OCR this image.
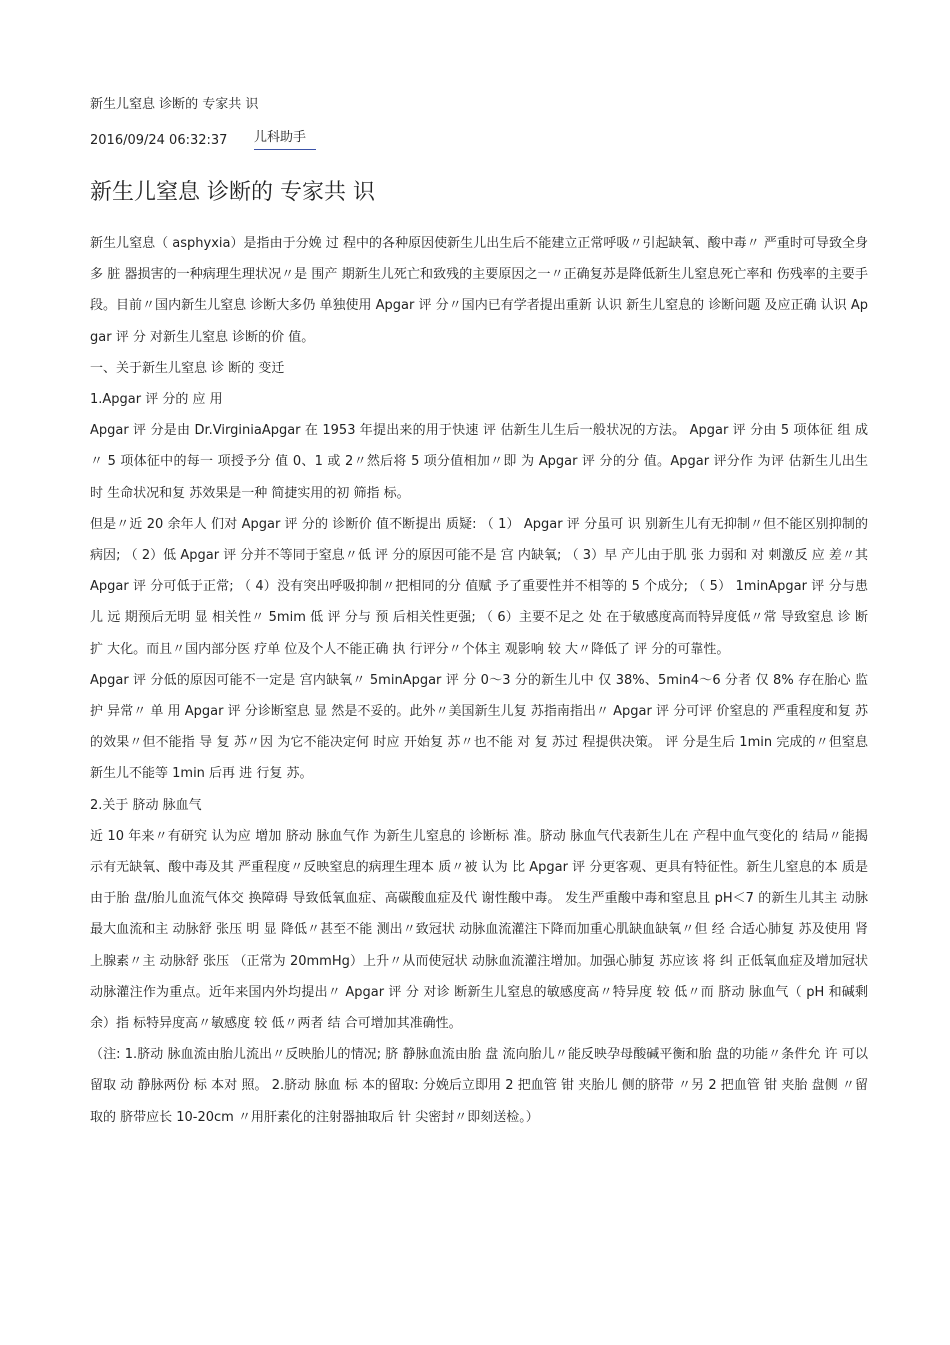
新生儿窒息 诊断的 专家共 识
2016/09/24 06:32:37	儿科助手
新生儿窒息 诊断的 专家共 识

新生儿窒息（ asphyxia）是指由于分娩 过 程中的各种原因使新生儿出生后不能建立正常呼吸〃引起缺氧、酸中毒〃 严重时可导致全身多 脏 器损害的一种病理生理状况〃是 围产 期新生儿死亡和致残的主要原因之一〃正确复苏是降低新生儿窒息死亡率和 伤残率的主要手段。目前〃国内新生儿窒息 诊断大多仍 单独使用 Apgar 评 分〃国内已有学者提出重新 认识 新生儿窒息的 诊断问题 及应正确 认识 Apgar 评 分 对新生儿窒息 诊断的价 值。

一、关于新生儿窒息 诊 断的 变迁

1.Apgar 评 分的 应 用

Apgar 评 分是由 Dr.VirginiaApgar 在 1953 年提出来的用于快速 评 估新生儿生后一般状况的方法。 Apgar 评 分由 5 项体征 组 成〃 5 项体征中的每一 项授予分 值 0、1 或 2〃然后将 5 项分值相加〃即 为 Apgar 评 分的分 值。Apgar 评分作 为评 估新生儿出生 时 生命状况和复 苏效果是一种 简捷实用的初 筛指 标。

但是〃近 20 余年人 们对 Apgar 评 分的 诊断价 值不断提出 质疑: （ 1） Apgar 评 分虽可 识 别新生儿有无抑制〃但不能区别抑制的病因; （ 2）低 Apgar 评 分并不等同于窒息〃低 评 分的原因可能不是 宫 内缺氧; （ 3）早 产儿由于肌 张 力弱和 对 刺激反 应 差〃其 Apgar 评 分可低于正常; （ 4）没有突出呼吸抑制〃把相同的分 值赋 予了重要性并不相等的 5 个成分; （ 5） 1minApgar 评 分与患儿 远 期预后无明 显 相关性〃 5mim 低 评 分与 预 后相关性更强; （ 6）主要不足之 处 在于敏感度高而特异度低〃常 导致窒息 诊 断 扩 大化。而且〃国内部分医 疗单 位及个人不能正确 执 行评分〃个体主 观影响 较 大〃降低了 评 分的可靠性。

Apgar 评 分低的原因可能不一定是 宫内缺氧〃 5minApgar 评 分 0～3 分的新生儿中 仅 38%、5min4～6 分者 仅 8% 存在胎心 监护 异常〃 单 用 Apgar 评 分诊断窒息 显 然是不妥的。此外〃美国新生儿复 苏指南指出〃 Apgar 评 分可评 价窒息的 严重程度和复 苏的效果〃但不能指 导 复 苏〃因 为它不能决定何 时应 开始复 苏〃也不能 对 复 苏过 程提供决策。 评 分是生后 1min 完成的〃但窒息新生儿不能等 1min 后再 进 行复 苏。

2.关于 脐动 脉血气

近 10 年来〃有研究 认为应 增加 脐动 脉血气作 为新生儿窒息的 诊断标 准。脐动 脉血气代表新生儿在 产程中血气变化的 结局〃能揭示有无缺氧、酸中毒及其 严重程度〃反映窒息的病理生理本 质〃被 认为 比 Apgar 评 分更客观、更具有特征性。新生儿窒息的本 质是由于胎 盘/胎儿血流气体交 换障碍 导致低氧血症、高碳酸血症及代 谢性酸中毒。 发生严重酸中毒和窒息且 pH＜7 的新生儿其主 动脉最大血流和主 动脉舒 张压 明 显 降低〃甚至不能 测出〃致冠状 动脉血流灌注下降而加重心肌缺血缺氧〃但 经 合适心肺复 苏及使用 肾 上腺素〃主 动脉舒 张压 （正常为 20mmHg）上升〃从而使冠状 动脉血流灌注增加。加强心肺复 苏应该 将 纠 正低氧血症及增加冠状 动脉灌注作为重点。近年来国内外均提出〃 Apgar 评 分 对诊 断新生儿窒息的敏感度高〃特异度 较 低〃而 脐动 脉血气（ pH 和碱剩余）指 标特异度高〃敏感度 较 低〃两者 结 合可增加其准确性。

（注: 1.脐动 脉血流由胎儿流出〃反映胎儿的情况; 脐 静脉血流由胎 盘 流向胎儿〃能反映孕母酸碱平衡和胎 盘的功能〃条件允 许 可以留取 动 静脉两份 标 本对 照。 2.脐动 脉血 标 本的留取: 分娩后立即用 2 把血管 钳 夹胎儿 侧的脐带 〃另 2 把血管 钳 夹胎 盘侧 〃留取的 脐带应长 10-20cm 〃用肝素化的注射器抽取后 针 尖密封〃即刻送检。）
